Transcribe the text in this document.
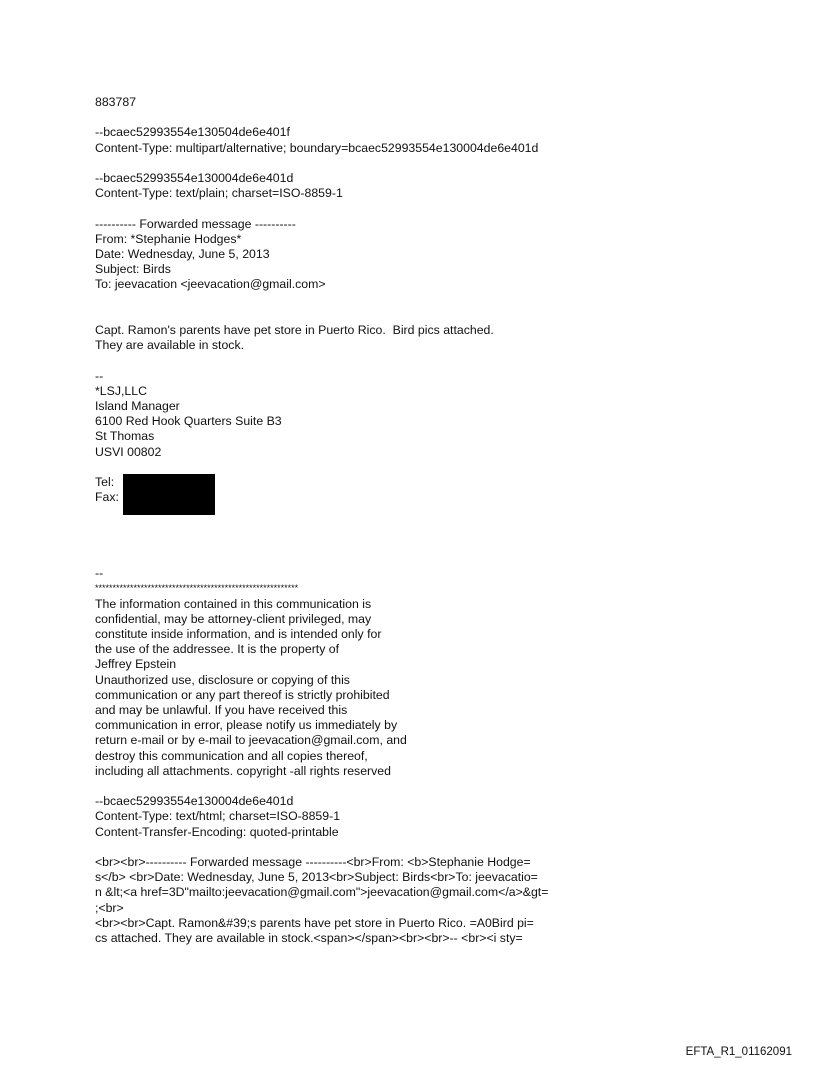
883787
--bcaec52993554e130504de6e401f
Content-Type: multipart/alternative; boundary=bcaec52993554e130004de6e401d
--bcaec52993554e130004de6e401d
Content-Type: text/plain; charset=ISO-8859-1
---------- Forwarded message ----------
From: *Stephanie Hodges*
Date: Wednesday, June 5, 2013
Subject: Birds
To: jeevacation <jeevacation@gmail.com>
Capt. Ramon's parents have pet store in Puerto Rico.  Bird pics attached.
They are available in stock.
--
*LSJ,LLC
Island Manager
6100 Red Hook Quarters Suite B3
St Thomas
USVI 00802
Tel:
Fax:
--
**********************************************************
The information contained in this communication is
confidential, may be attorney-client privileged, may
constitute inside information, and is intended only for
the use of the addressee. It is the property of
Jeffrey Epstein
Unauthorized use, disclosure or copying of this
communication or any part thereof is strictly prohibited
and may be unlawful. If you have received this
communication in error, please notify us immediately by
return e-mail or by e-mail to jeevacation@gmail.com, and
destroy this communication and all copies thereof,
including all attachments. copyright -all rights reserved
--bcaec52993554e130004de6e401d
Content-Type: text/html; charset=ISO-8859-1
Content-Transfer-Encoding: quoted-printable
<br><br>---------- Forwarded message ----------<br>From: <b>Stephanie Hodge=
s</b> <br>Date: Wednesday, June 5, 2013<br>Subject: Birds<br>To: jeevacatio=
n &lt;<a href=3D"mailto:jeevacation@gmail.com">jeevacation@gmail.com</a>&gt=
;<br>
<br><br>Capt. Ramon&#39;s parents have pet store in Puerto Rico. =A0Bird pi=
cs attached. They are available in stock.<span></span><br><br>-- <br><i sty=
EFTA_R1_01162091
